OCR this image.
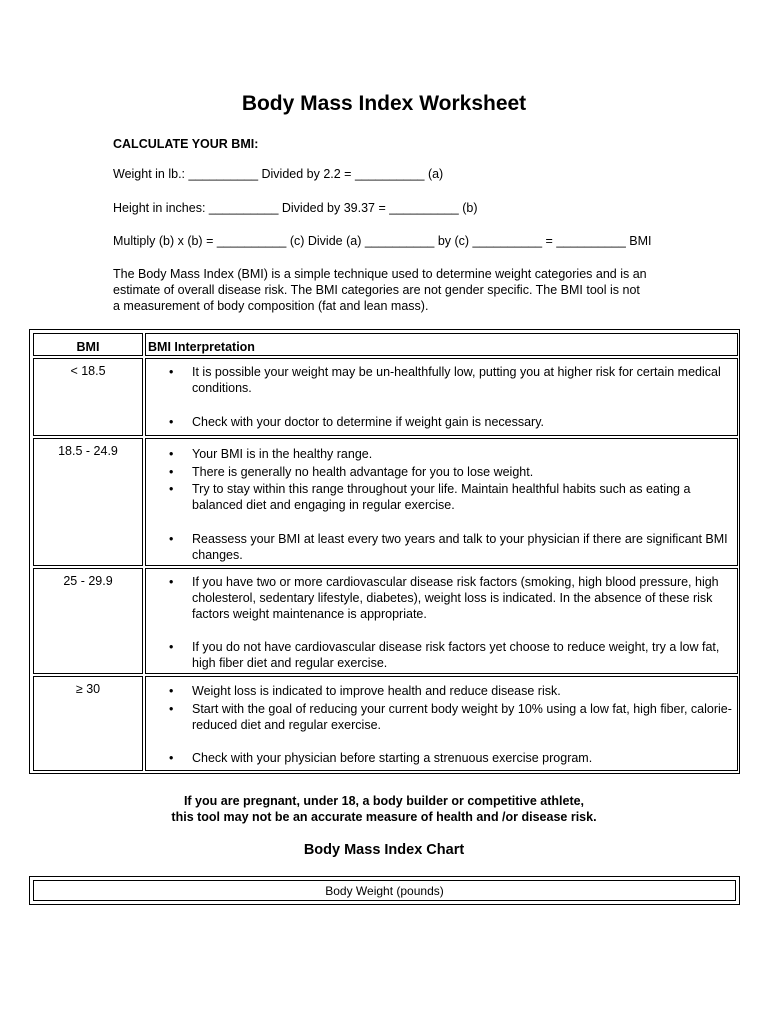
Body Mass Index Worksheet
CALCULATE YOUR BMI:
Weight in lb.: __________ Divided by 2.2 = __________ (a)
Height in inches: __________ Divided by 39.37 = __________ (b)
Multiply (b) x (b) = __________ (c) Divide (a) __________ by (c) __________ = __________ BMI
The Body Mass Index (BMI) is a simple technique used to determine weight categories and is an
estimate of overall disease risk. The BMI categories are not gender specific. The BMI tool is not
a measurement of body composition (fat and lean mass).
BMI	BMI Interpretation
< 18.5	• It is possible your weight may be un-healthfully low, putting you at higher risk for certain medical
conditions.
• Check with your doctor to determine if weight gain is necessary.
18.5 - 24.9	• Your BMI is in the healthy range.
• There is generally no health advantage for you to lose weight.
• Try to stay within this range throughout your life. Maintain healthful habits such as eating a
balanced diet and engaging in regular exercise.
• Reassess your BMI at least every two years and talk to your physician if there are significant BMI
changes.
25 - 29.9	• If you have two or more cardiovascular disease risk factors (smoking, high blood pressure, high
cholesterol, sedentary lifestyle, diabetes), weight loss is indicated. In the absence of these risk
factors weight maintenance is appropriate.
• If you do not have cardiovascular disease risk factors yet choose to reduce weight, try a low fat,
high fiber diet and regular exercise.
≥ 30	• Weight loss is indicated to improve health and reduce disease risk.
• Start with the goal of reducing your current body weight by 10% using a low fat, high fiber, calorie-
reduced diet and regular exercise.
• Check with your physician before starting a strenuous exercise program.
If you are pregnant, under 18, a body builder or competitive athlete,
this tool may not be an accurate measure of health and /or disease risk.
Body Mass Index Chart
Body Weight (pounds)
